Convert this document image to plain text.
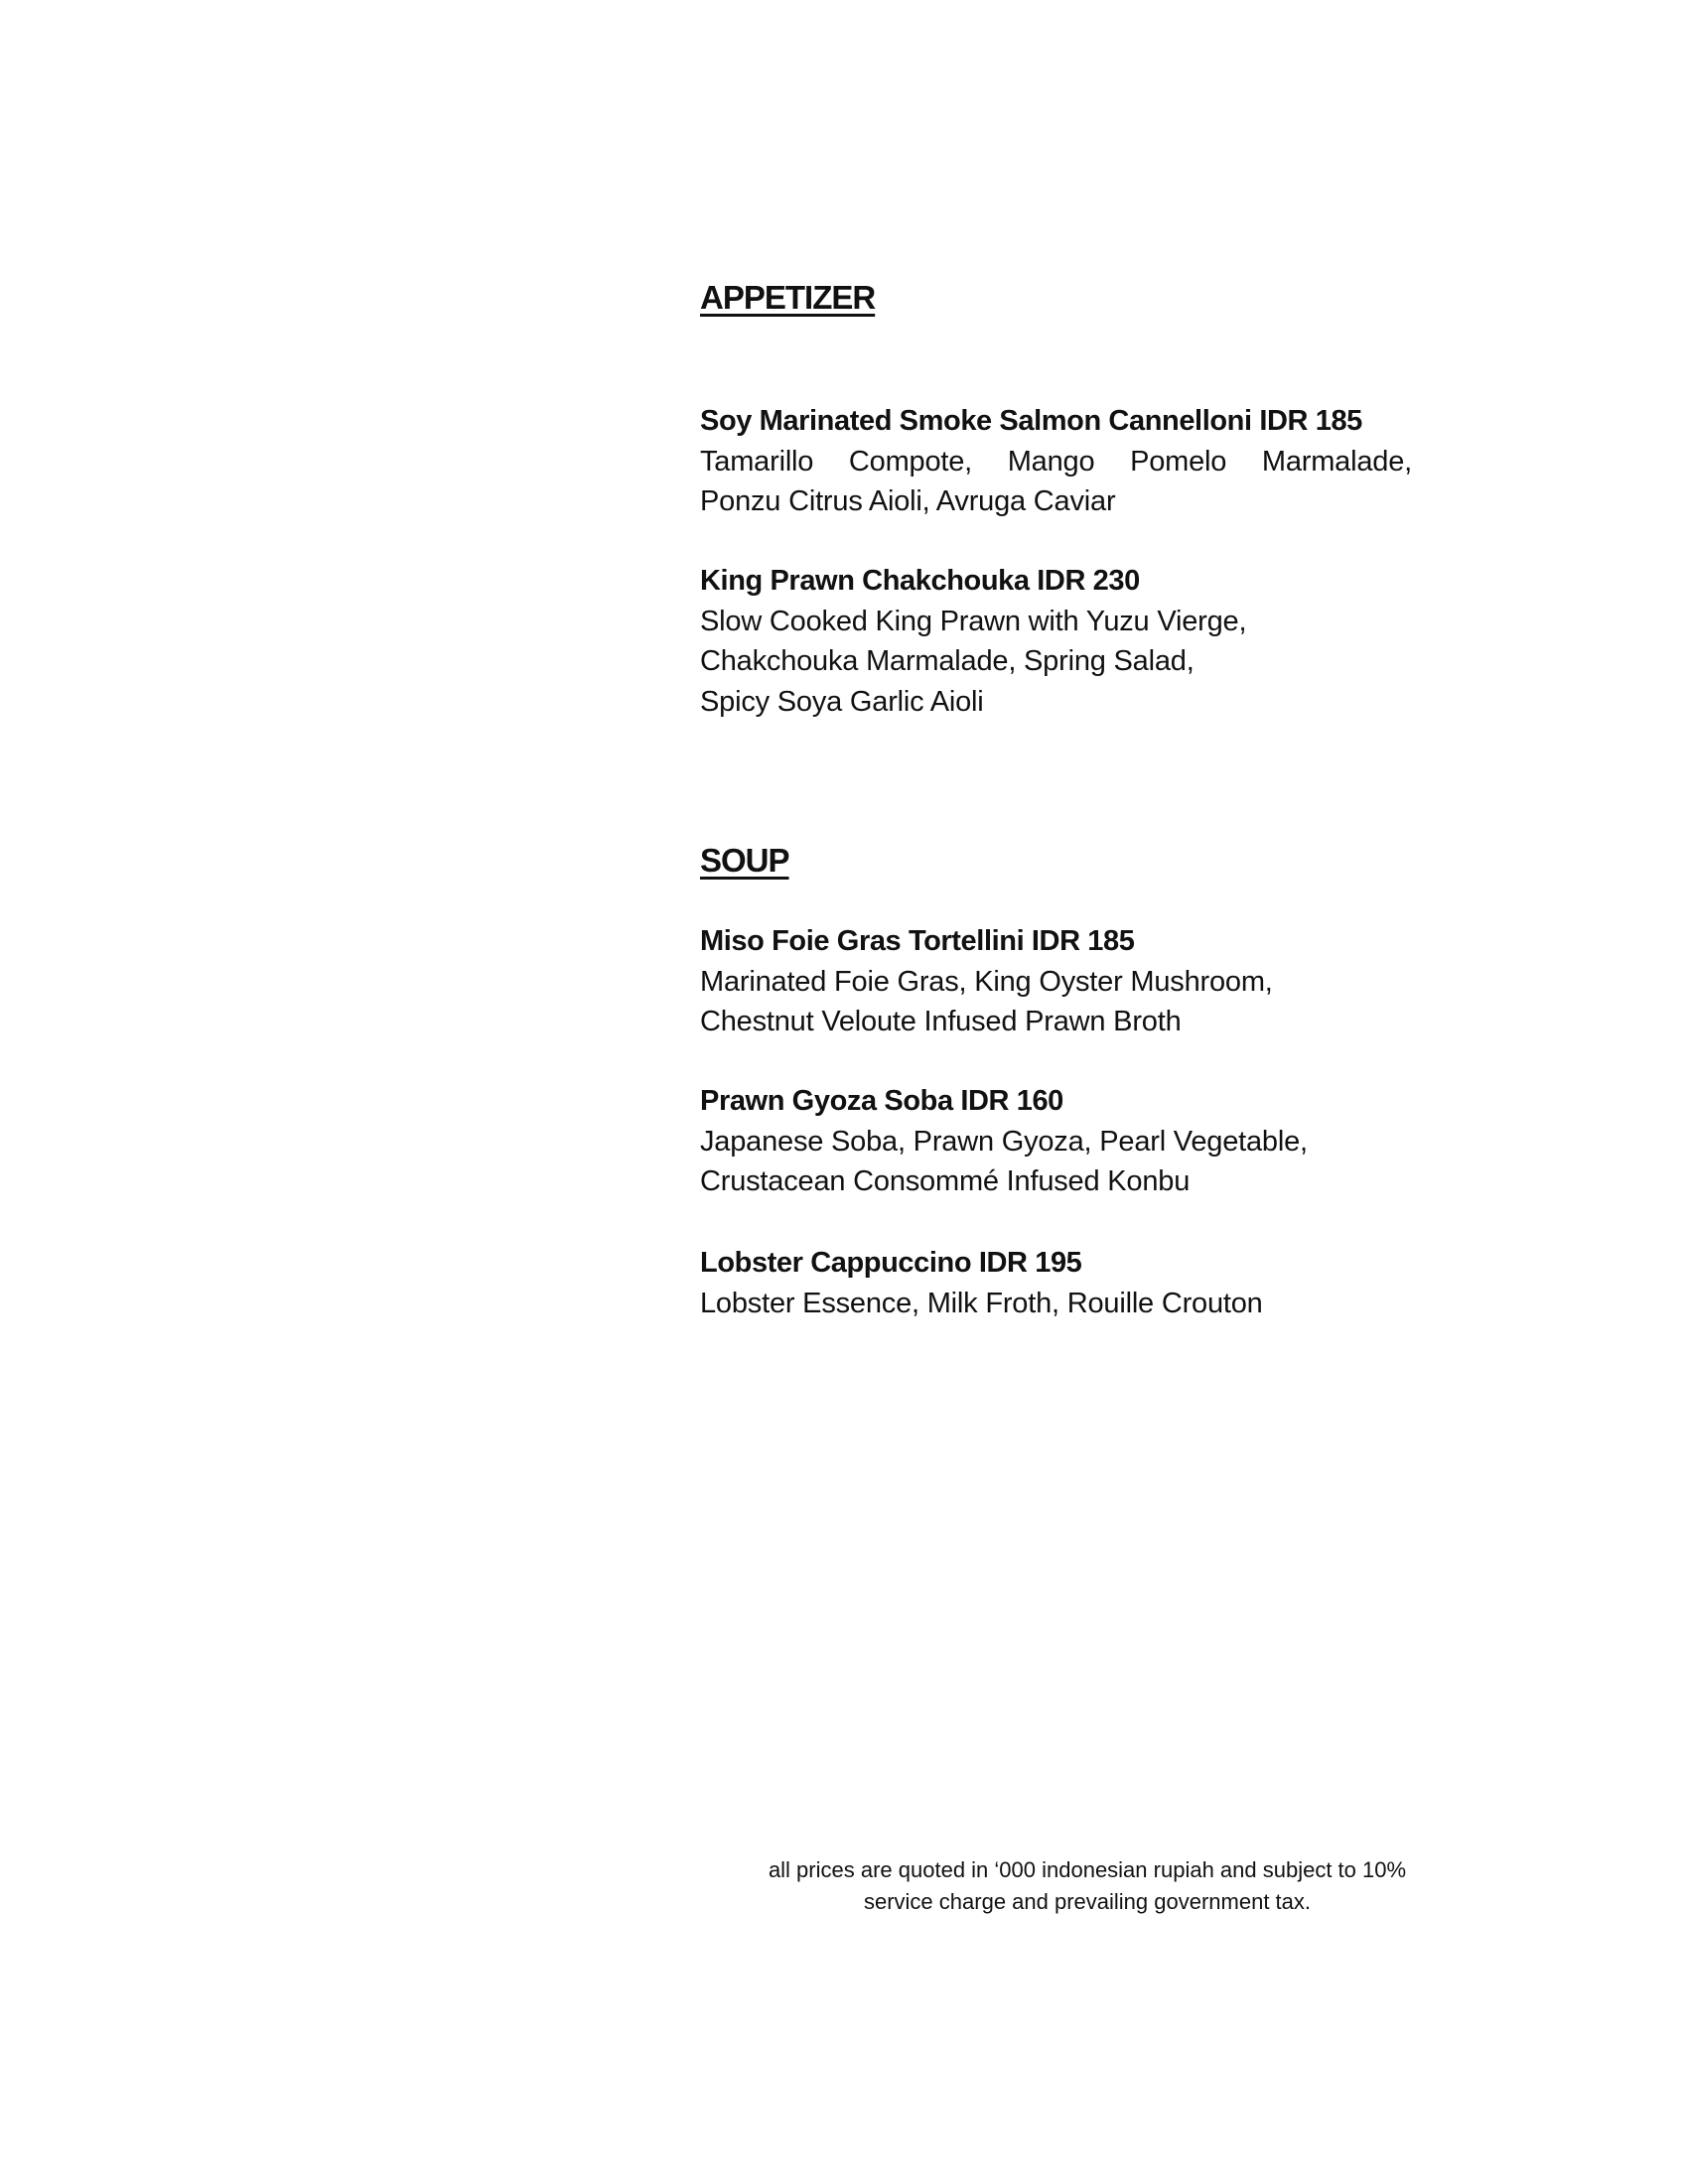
APPETIZER
Soy Marinated Smoke Salmon Cannelloni IDR 185
Tamarillo Compote, Mango Pomelo Marmalade,
Ponzu Citrus Aioli, Avruga Caviar
King Prawn Chakchouka IDR 230
Slow Cooked King Prawn with Yuzu Vierge,
Chakchouka Marmalade, Spring Salad,
Spicy Soya Garlic Aioli
SOUP
Miso Foie Gras Tortellini IDR 185
Marinated Foie Gras, King Oyster Mushroom,
Chestnut Veloute Infused Prawn Broth
Prawn Gyoza Soba IDR 160
Japanese Soba, Prawn Gyoza, Pearl Vegetable,
Crustacean Consommé Infused Konbu
Lobster Cappuccino IDR 195
Lobster Essence, Milk Froth, Rouille Crouton
all prices are quoted in ‘000 indonesian rupiah and subject to 10%
service charge and prevailing government tax.
